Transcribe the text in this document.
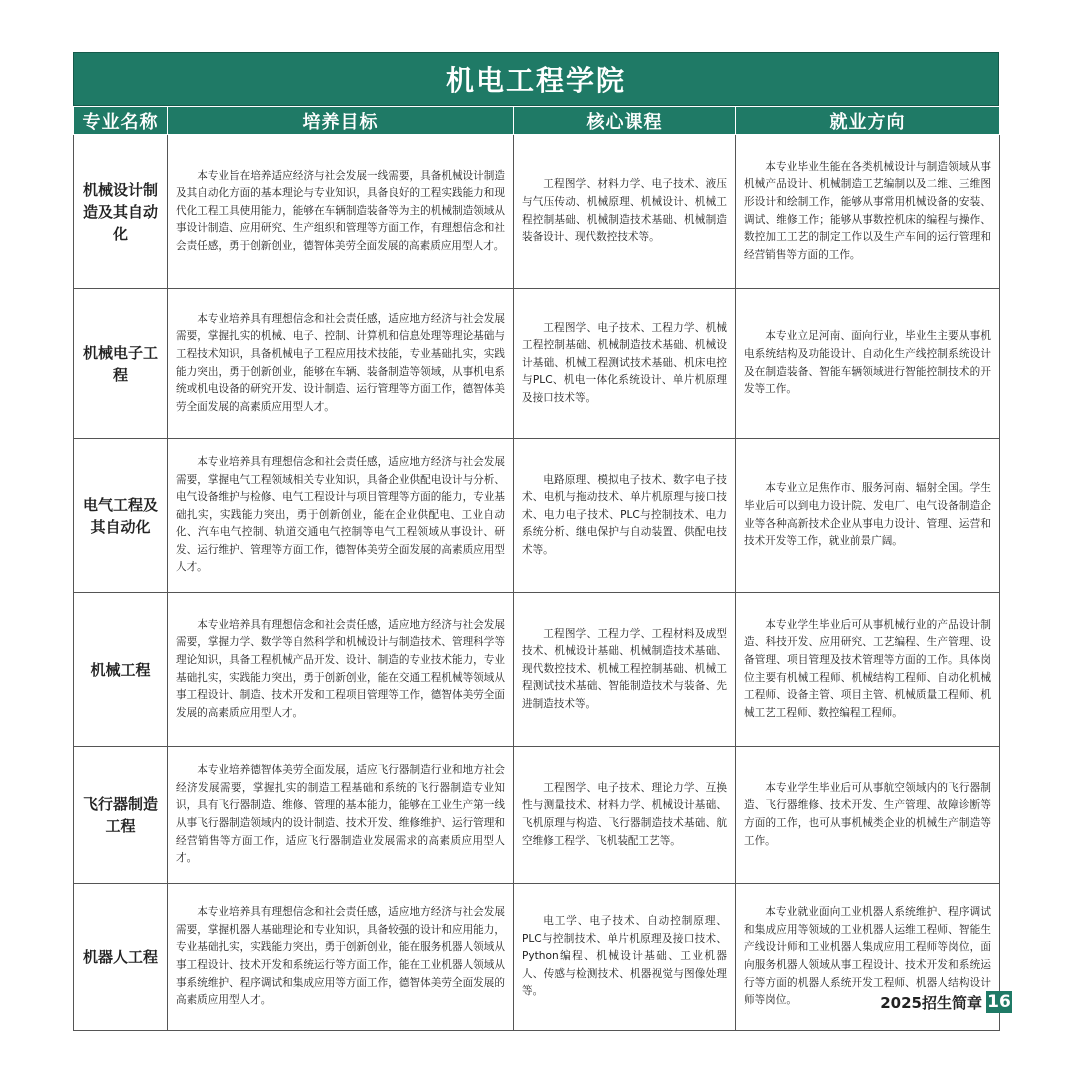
机电工程学院
专业名称	培养目标	核心课程	就业方向
机械设计制造及其自动化	本专业旨在培养适应经济与社会发展一线需要，具备机械设计制造及其自动化方面的基本理论与专业知识，具备良好的工程实践能力和现代化工程工具使用能力，能够在车辆制造装备等为主的机械制造领域从事设计制造、应用研究、生产组织和管理等方面工作，有理想信念和社会责任感，勇于创新创业，德智体美劳全面发展的高素质应用型人才。	工程图学、材料力学、电子技术、液压与气压传动、机械原理、机械设计、机械工程控制基础、机械制造技术基础、机械制造装备设计、现代数控技术等。	本专业毕业生能在各类机械设计与制造领域从事机械产品设计、机械制造工艺编制以及二维、三维图形设计和绘制工作，能够从事常用机械设备的安装、调试、维修工作；能够从事数控机床的编程与操作、数控加工工艺的制定工作以及生产车间的运行管理和经营销售等方面的工作。

机械电子工程	本专业培养具有理想信念和社会责任感，适应地方经济与社会发展需要，掌握扎实的机械、电子、控制、计算机和信息处理等理论基础与工程技术知识，具备机械电子工程应用技术技能，专业基础扎实，实践能力突出，勇于创新创业，能够在车辆、装备制造等领域，从事机电系统或机电设备的研究开发、设计制造、运行管理等方面工作，德智体美劳全面发展的高素质应用型人才。	工程图学、电子技术、工程力学、机械工程控制基础、机械制造技术基础、机械设计基础、机械工程测试技术基础、机床电控与PLC、机电一体化系统设计、单片机原理及接口技术等。	本专业立足河南、面向行业，毕业生主要从事机电系统结构及功能设计、自动化生产线控制系统设计及在制造装备、智能车辆领域进行智能控制技术的开发等工作。

电气工程及其自动化	本专业培养具有理想信念和社会责任感，适应地方经济与社会发展需要，掌握电气工程领域相关专业知识，具备企业供配电设计与分析、电气设备维护与检修、电气工程设计与项目管理等方面的能力，专业基础扎实，实践能力突出，勇于创新创业，能在企业供配电、工业自动化、汽车电气控制、轨道交通电气控制等电气工程领域从事设计、研发、运行维护、管理等方面工作，德智体美劳全面发展的高素质应用型人才。	电路原理、模拟电子技术、数字电子技术、电机与拖动技术、单片机原理与接口技术、电力电子技术、PLC与控制技术、电力系统分析、继电保护与自动装置、供配电技术等。	本专业立足焦作市、服务河南、辐射全国。学生毕业后可以到电力设计院、发电厂、电气设备制造企业等各种高新技术企业从事电力设计、管理、运营和技术开发等工作，就业前景广阔。

机械工程	本专业培养具有理想信念和社会责任感，适应地方经济与社会发展需要，掌握力学、数学等自然科学和机械设计与制造技术、管理科学等理论知识，具备工程机械产品开发、设计、制造的专业技术能力，专业基础扎实，实践能力突出，勇于创新创业，能在交通工程机械等领域从事工程设计、制造、技术开发和工程项目管理等工作，德智体美劳全面发展的高素质应用型人才。	工程图学、工程力学、工程材料及成型技术、机械设计基础、机械制造技术基础、现代数控技术、机械工程控制基础、机械工程测试技术基础、智能制造技术与装备、先进制造技术等。	本专业学生毕业后可从事机械行业的产品设计制造、科技开发、应用研究、工艺编程、生产管理、设备管理、项目管理及技术管理等方面的工作。具体岗位主要有机械工程师、机械结构工程师、自动化机械工程师、设备主管、项目主管、机械质量工程师、机械工艺工程师、数控编程工程师。

飞行器制造工程	本专业培养德智体美劳全面发展，适应飞行器制造行业和地方社会经济发展需要，掌握扎实的制造工程基础和系统的飞行器制造专业知识，具有飞行器制造、维修、管理的基本能力，能够在工业生产第一线从事飞行器制造领域内的设计制造、技术开发、维修维护、运行管理和经营销售等方面工作，适应飞行器制造业发展需求的高素质应用型人才。	工程图学、电子技术、理论力学、互换性与测量技术、材料力学、机械设计基础、飞机原理与构造、飞行器制造技术基础、航空维修工程学、飞机装配工艺等。	本专业学生毕业后可从事航空领域内的飞行器制造、飞行器维修、技术开发、生产管理、故障诊断等方面的工作，也可从事机械类企业的机械生产制造等工作。

机器人工程	本专业培养具有理想信念和社会责任感，适应地方经济与社会发展需要，掌握机器人基础理论和专业知识，具备较强的设计和应用能力，专业基础扎实，实践能力突出，勇于创新创业，能在服务机器人领域从事工程设计、技术开发和系统运行等方面工作，能在工业机器人领域从事系统维护、程序调试和集成应用等方面工作，德智体美劳全面发展的高素质应用型人才。	电工学、电子技术、自动控制原理、PLC与控制技术、单片机原理及接口技术、Python编程、机械设计基础、工业机器人、传感与检测技术、机器视觉与图像处理等。	本专业就业面向工业机器人系统维护、程序调试和集成应用等领域的工业机器人运维工程师、智能生产线设计师和工业机器人集成应用工程师等岗位，面向服务机器人领域从事工程设计、技术开发和系统运行等方面的机器人系统开发工程师、机器人结构设计师等岗位。	2025招生简章 16
